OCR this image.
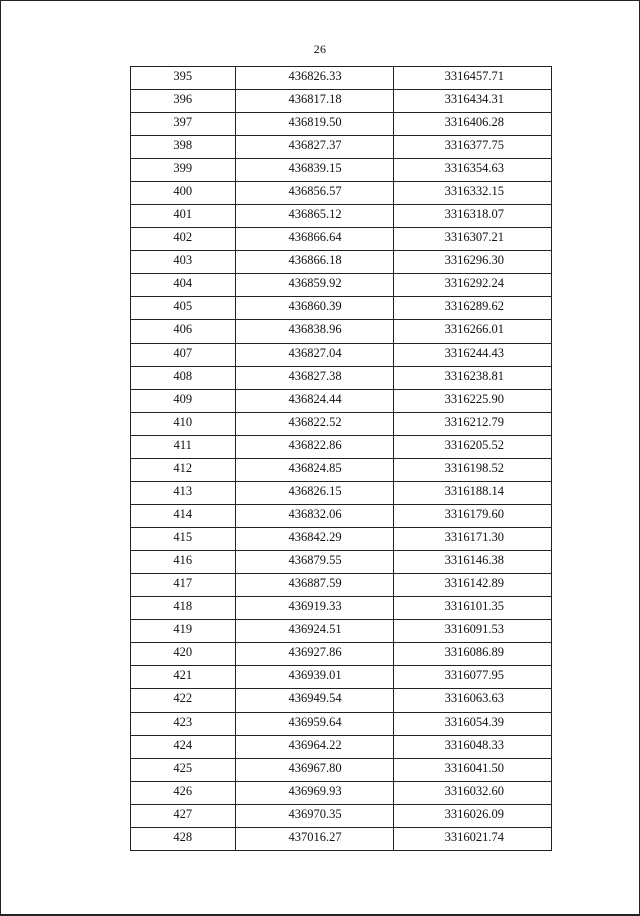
26
395	436826.33	3316457.71
396	436817.18	3316434.31
397	436819.50	3316406.28
398	436827.37	3316377.75
399	436839.15	3316354.63
400	436856.57	3316332.15
401	436865.12	3316318.07
402	436866.64	3316307.21
403	436866.18	3316296.30
404	436859.92	3316292.24
405	436860.39	3316289.62
406	436838.96	3316266.01
407	436827.04	3316244.43
408	436827.38	3316238.81
409	436824.44	3316225.90
410	436822.52	3316212.79
411	436822.86	3316205.52
412	436824.85	3316198.52
413	436826.15	3316188.14
414	436832.06	3316179.60
415	436842.29	3316171.30
416	436879.55	3316146.38
417	436887.59	3316142.89
418	436919.33	3316101.35
419	436924.51	3316091.53
420	436927.86	3316086.89
421	436939.01	3316077.95
422	436949.54	3316063.63
423	436959.64	3316054.39
424	436964.22	3316048.33
425	436967.80	3316041.50
426	436969.93	3316032.60
427	436970.35	3316026.09
428	437016.27	3316021.74
